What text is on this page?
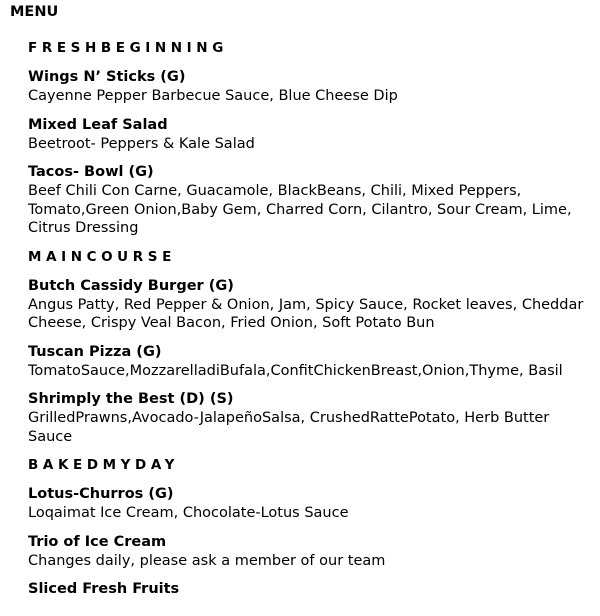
MENU
FRESHBEGINNING
Wings N’ Sticks (G)
Cayenne Pepper Barbecue Sauce, Blue Cheese Dip
Mixed Leaf Salad
Beetroot- Peppers & Kale Salad
Tacos- Bowl (G)
Beef Chili Con Carne, Guacamole, BlackBeans, Chili, Mixed Peppers, Tomato,Green Onion,Baby Gem, Charred Corn, Cilantro, Sour Cream, Lime, Citrus Dressing
MAINCOURSE
Butch Cassidy Burger (G)
Angus Patty, Red Pepper & Onion, Jam, Spicy Sauce, Rocket leaves, Cheddar Cheese, Crispy Veal Bacon, Fried Onion, Soft Potato Bun
Tuscan Pizza (G)
TomatoSauce,MozzarelladiBufala,ConfitChickenBreast,Onion,Thyme, Basil
Shrimply the Best (D) (S)
GrilledPrawns,Avocado-JalapeñoSalsa, CrushedRattePotato, Herb Butter Sauce
BAKEDMYDAY
Lotus-Churros (G)
Loqaimat Ice Cream, Chocolate-Lotus Sauce
Trio of Ice Cream
Changes daily, please ask a member of our team
Sliced Fresh Fruits
